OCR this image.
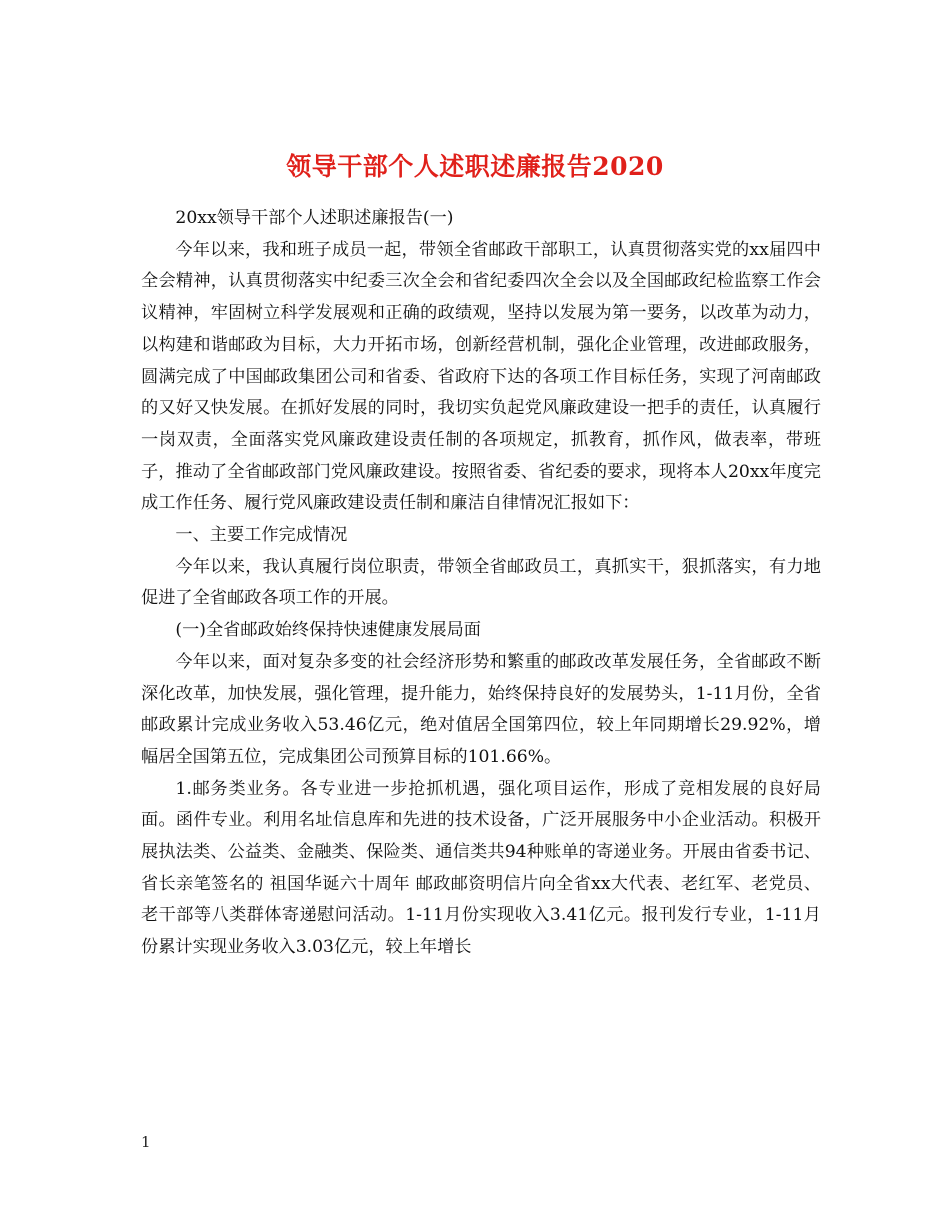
领导干部个人述职述廉报告2020

20xx领导干部个人述职述廉报告(一)

今年以来，我和班子成员一起，带领全省邮政干部职工，认真贯彻落实党的xx届四中全会精神，认真贯彻落实中纪委三次全会和省纪委四次全会以及全国邮政纪检监察工作会议精神，牢固树立科学发展观和正确的政绩观，坚持以发展为第一要务，以改革为动力，以构建和谐邮政为目标，大力开拓市场，创新经营机制，强化企业管理，改进邮政服务，圆满完成了中国邮政集团公司和省委、省政府下达的各项工作目标任务，实现了河南邮政的又好又快发展。在抓好发展的同时，我切实负起党风廉政建设一把手的责任，认真履行一岗双责，全面落实党风廉政建设责任制的各项规定，抓教育，抓作风，做表率，带班子，推动了全省邮政部门党风廉政建设。按照省委、省纪委的要求，现将本人20xx年度完成工作任务、履行党风廉政建设责任制和廉洁自律情况汇报如下：

一、主要工作完成情况

今年以来，我认真履行岗位职责，带领全省邮政员工，真抓实干，狠抓落实，有力地促进了全省邮政各项工作的开展。

(一)全省邮政始终保持快速健康发展局面

今年以来，面对复杂多变的社会经济形势和繁重的邮政改革发展任务，全省邮政不断深化改革，加快发展，强化管理，提升能力，始终保持良好的发展势头，1-11月份，全省邮政累计完成业务收入53.46亿元，绝对值居全国第四位，较上年同期增长29.92%，增幅居全国第五位，完成集团公司预算目标的101.66%。

1.邮务类业务。各专业进一步抢抓机遇，强化项目运作，形成了竞相发展的良好局面。函件专业。利用名址信息库和先进的技术设备，广泛开展服务中小企业活动。积极开展执法类、公益类、金融类、保险类、通信类共94种账单的寄递业务。开展由省委书记、省长亲笔签名的 祖国华诞六十周年 邮政邮资明信片向全省xx大代表、老红军、老党员、老干部等八类群体寄递慰问活动。1-11月份实现收入3.41亿元。报刊发行专业，1-11月份累计实现业务收入3.03亿元，较上年增长

1
